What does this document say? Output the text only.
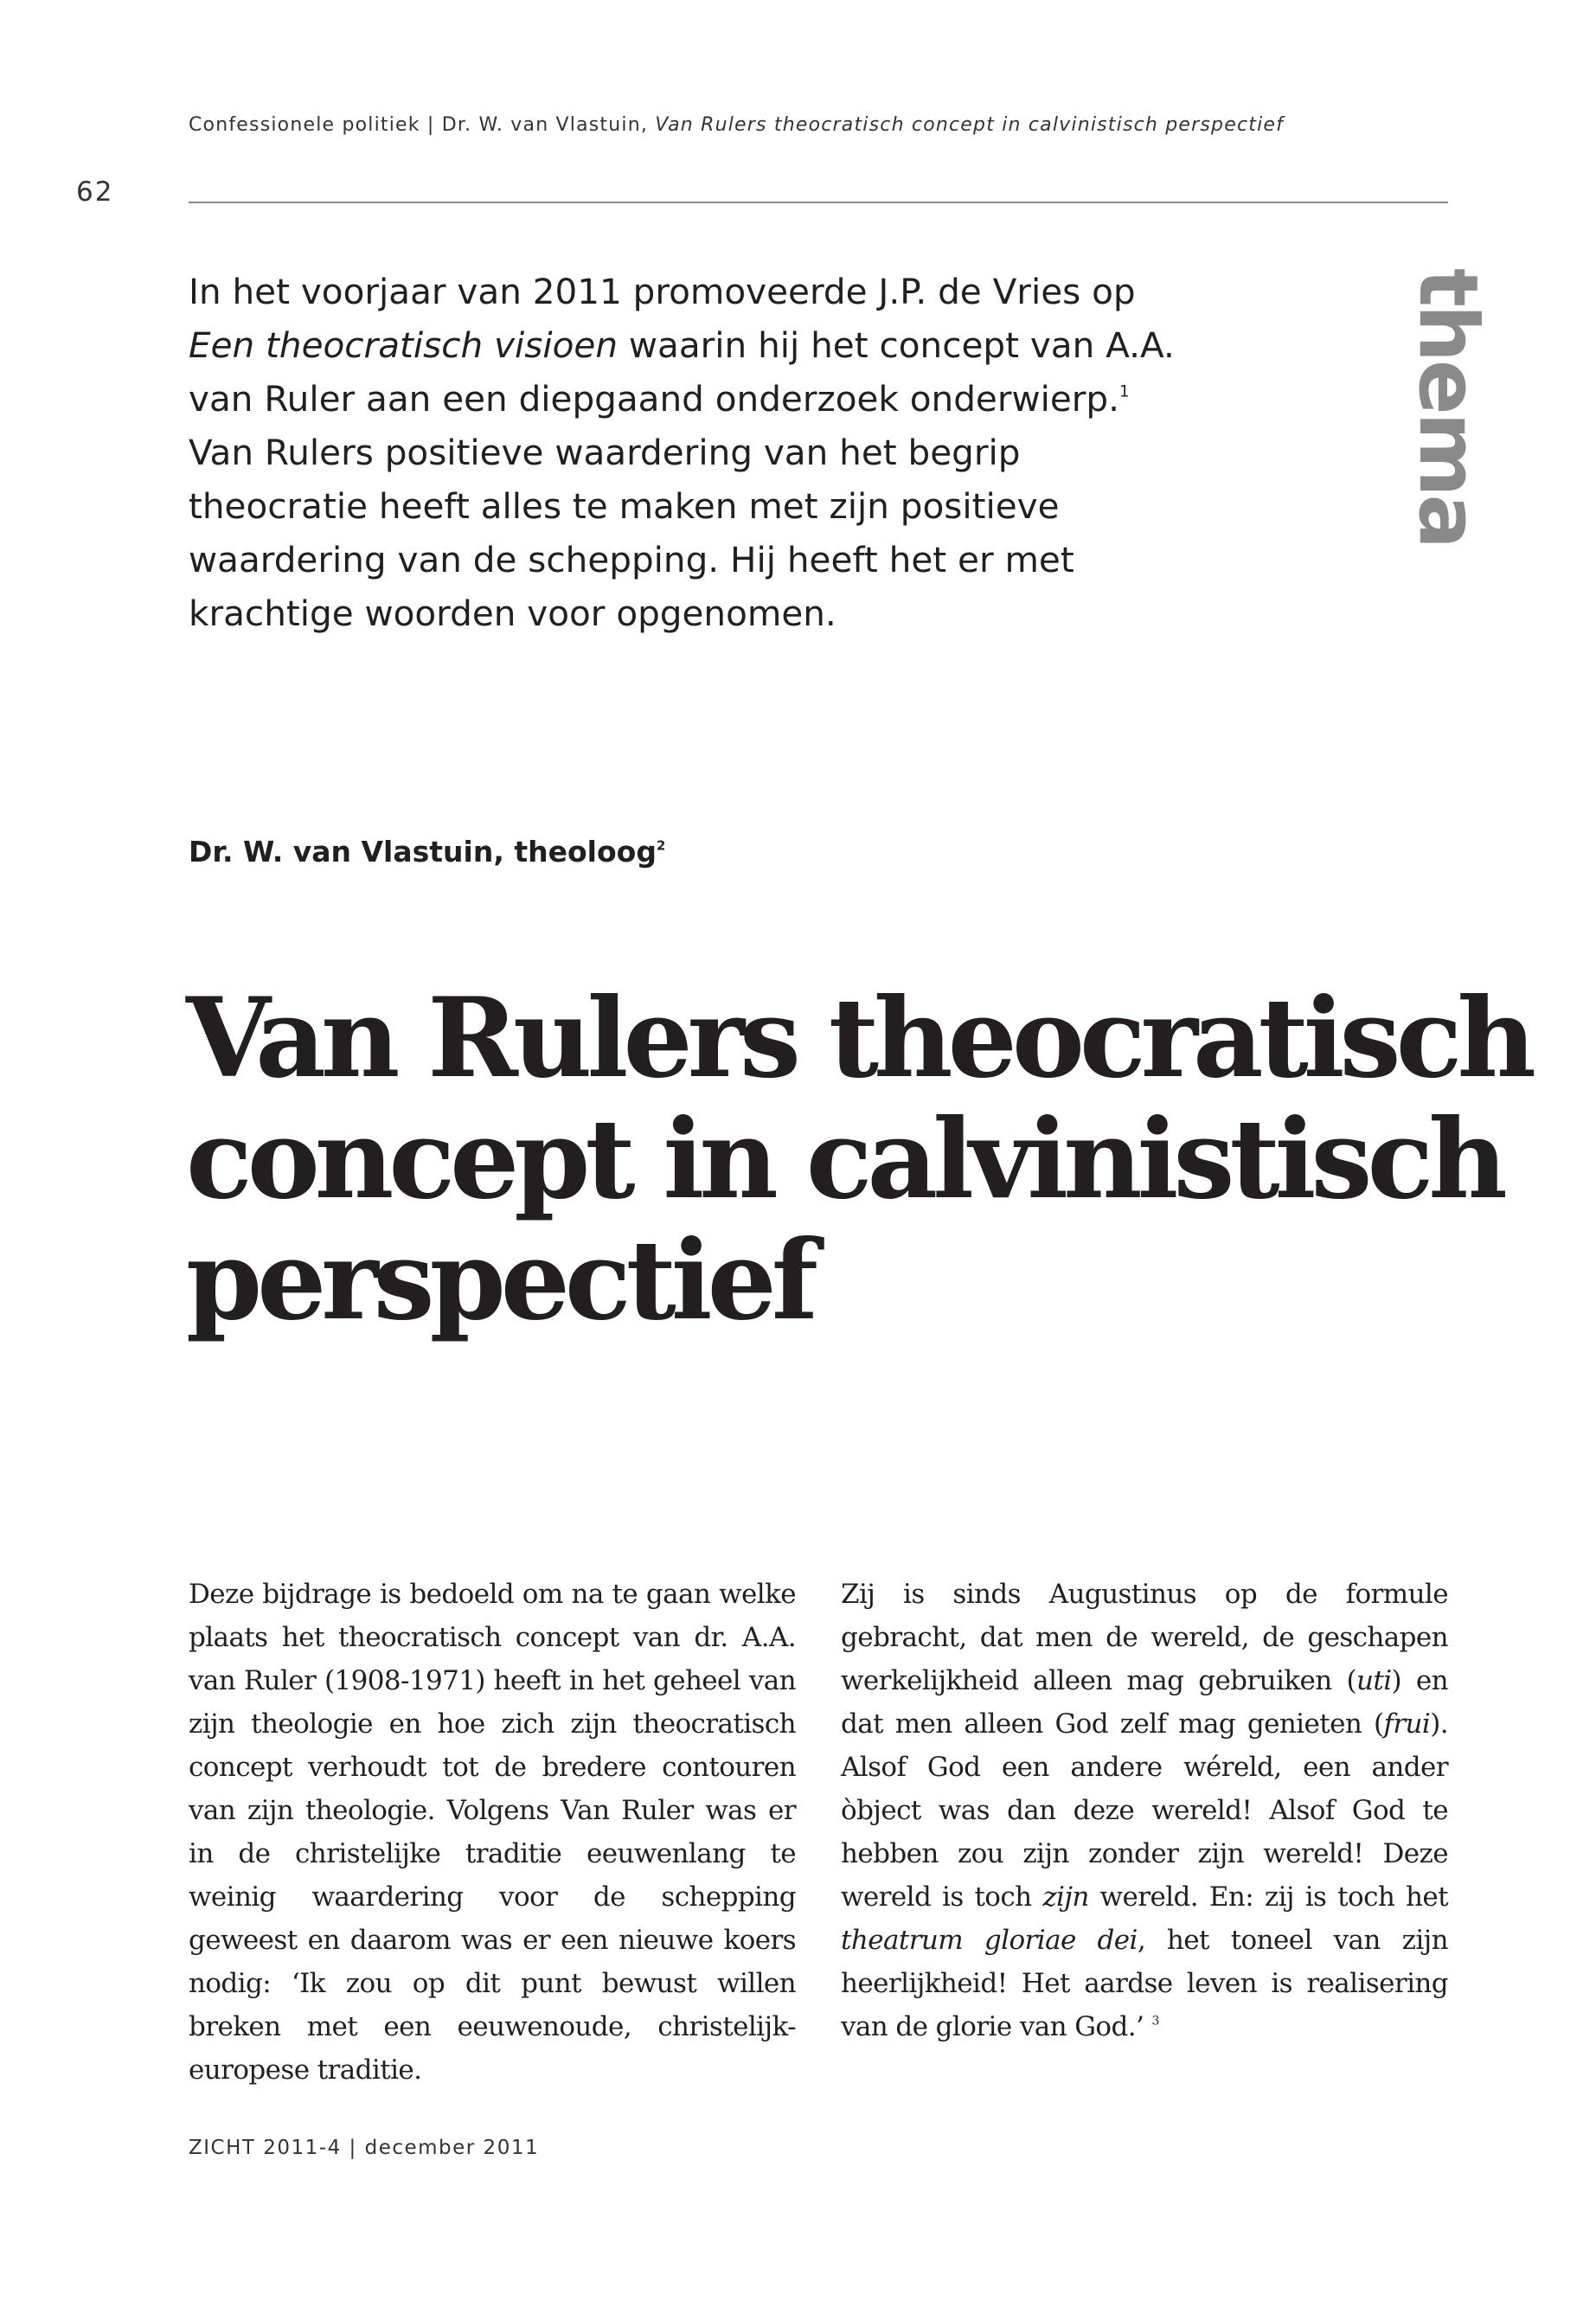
Confessionele politiek | Dr. W. van Vlastuin, Van Rulers theocratisch concept in calvinistisch perspectief
62
thema

In het voorjaar van 2011 promoveerde J.P. de Vries op Een theocratisch visioen waarin hij het concept van A.A. van Ruler aan een diepgaand onderzoek onderwierp.$^1$ Van Rulers positieve waardering van het begrip theocratie heeft alles te maken met zijn positieve waardering van de schepping. Hij heeft het er met krachtige woorden voor opgenomen.

Dr. W. van Vlastuin, theoloog$^2$
Van Rulers theocratisch
concept in calvinistisch
perspectief

Deze bijdrage is bedoeld om na te gaan welke plaats het theocratisch concept van dr. A.A. van Ruler (1908-1971) heeft in het geheel van zijn theologie en hoe zich zijn theocratisch concept verhoudt tot de bredere contouren van zijn theologie. Volgens Van Ruler was er in de christelijke traditie eeuwenlang te weinig waardering voor de schepping geweest en daarom was er een nieuwe koers nodig: ‘Ik zou op dit punt bewust willen breken met een eeuwenoude, christelijk-europese traditie.

Zij is sinds Augustinus op de formule gebracht, dat men de wereld, de geschapen werkelijkheid alleen mag gebruiken (uti) en dat men alleen God zelf mag genieten (frui). Alsof God een andere wéreld, een ander òbject was dan deze wereld! Alsof God te hebben zou zijn zonder zijn wereld! Deze wereld is toch zijn wereld. En: zij is toch het theatrum gloriae dei, het toneel van zijn heerlijkheid! Het aardse leven is realisering van de glorie van God.’ $^3$

ZICHT 2011-4 | december 2011
